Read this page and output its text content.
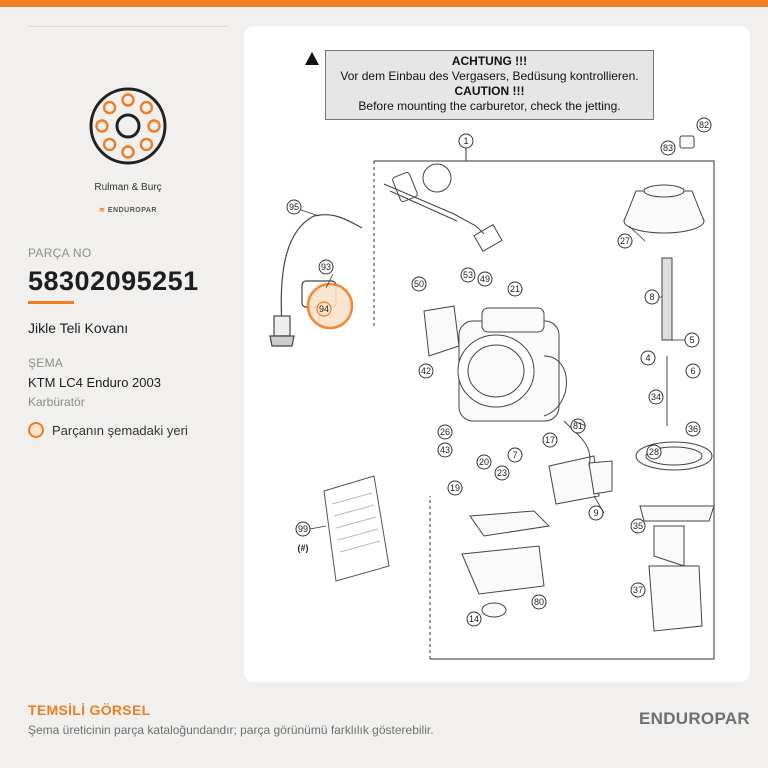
Rulman & Burç
≋ ENDUROPAR
PARÇA NO
58302095251
Jikle Teli Kovanı
ŞEMA
KTM LC4 Enduro 2003
Karbüratör
Parçanın şemadaki yeri
ACHTUNG !!!
Vor dem Einbau des Vergasers, Bedüsung kontrollieren.
CAUTION !!!
Before mounting the carburetor, check the jetting.
1
82
83
95
93
94
27
8
5
4
6
34
36
28
35
37
50
53 49
21
42
26
43
20
7
17
81
23
19
9
99
14
80
(#)
TEMSİLİ GÖRSEL
Şema üreticinin parça kataloğundandır; parça görünümü farklılık gösterebilir.
ENDUROPAR
